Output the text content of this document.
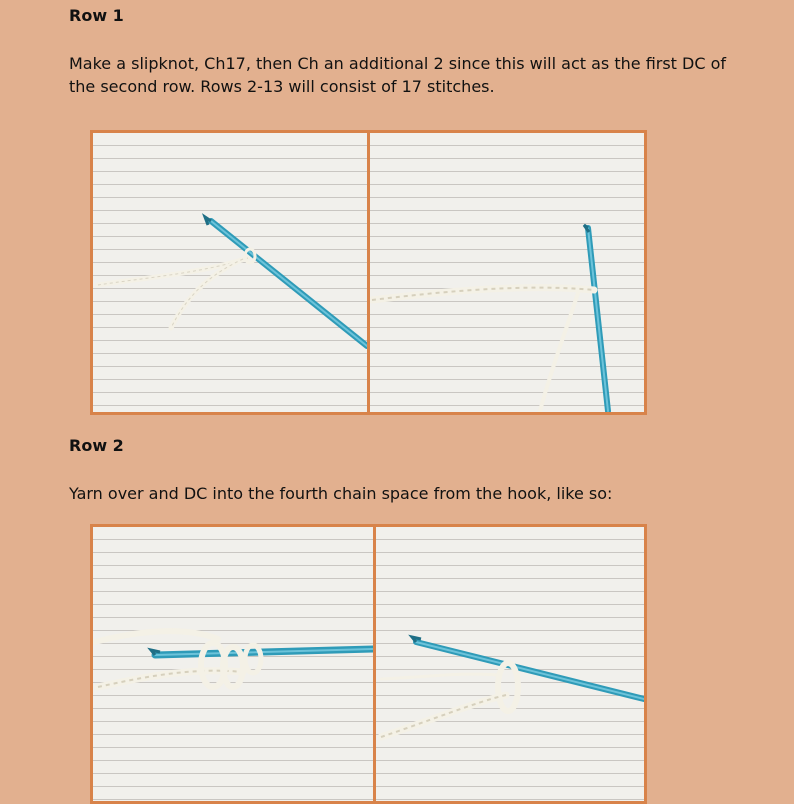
Row 1

Make a slipknot, Ch17, then Ch an additional 2 since this will act as the first DC of the second row. Rows 2-13 will consist of 17 stitches.

Row 2

Yarn over and DC into the fourth chain space from the hook, like so:
